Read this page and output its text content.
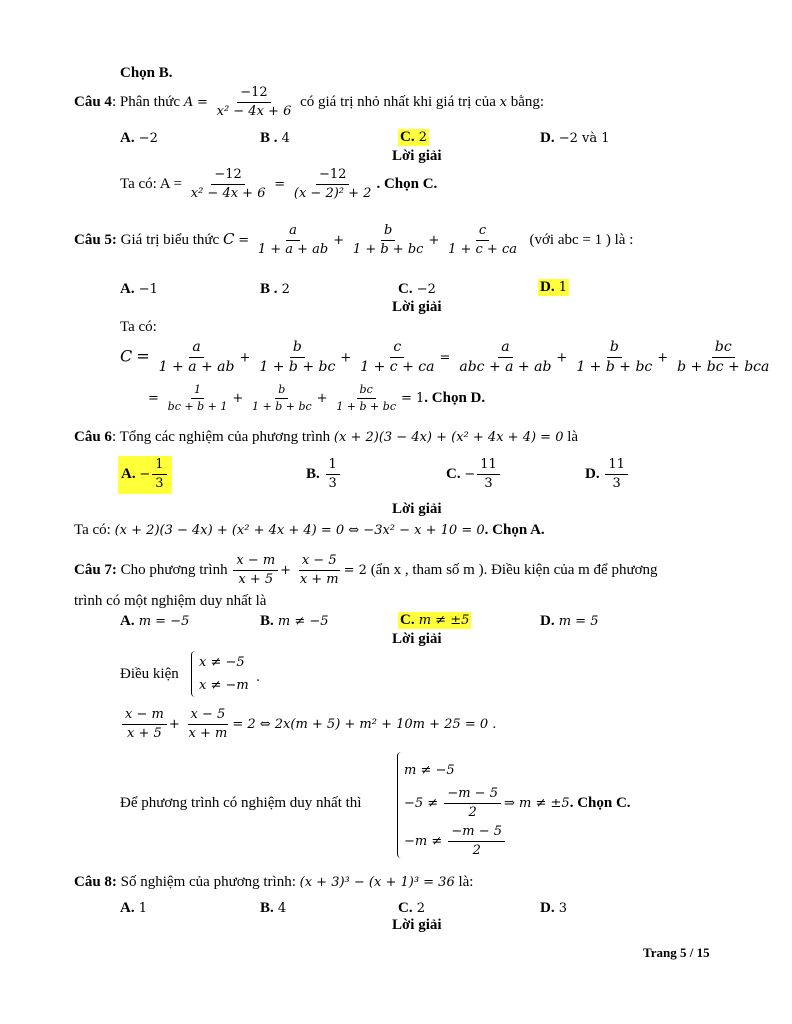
Chọn B.
Câu 4: Phân thức $A = \frac{-12}{\text{x² − 4x + 6}}$ có giá trị nhỏ nhất khi giá trị của x bằng:
A. −2	B . 4	C. 2	D. −2 và 1
Lời giải
Ta có: $A = \frac{-12}{\text{x² − 4x + 6}} = \frac{-12}{\text{(x − 2)² + 2}}$ . Chọn C.
Câu 5: Giá trị biểu thức $C = \frac{a}{1 + a + ab} + \frac{b}{1 + b + bc} + \frac{c}{1 + c + ca}$ (với abc = 1 ) là :
A. −1	B . 2	C. −2	D. 1
Lời giải
Ta có:
$C = \frac{a}{1 + a + ab} + \frac{b}{1 + b + bc} + \frac{c}{1 + c + ca} = \frac{a}{\text{abc + a + ab}} + \frac{b}{1 + b + bc} + \frac{bc}{\text{b + bc + bca}}$
= $\frac{1}{bc + b + 1} + \frac{b}{1 + b + bc} + \frac{bc}{1 + b + bc} = 1$. Chọn D.
Câu 6: Tổng các nghiệm của phương trình (x + 2)(3 − 4x) + (x² + 4x + 4) = 0 là
A. − $\frac{1}{3}$	B. $\frac{1}{3}$	C. − $\frac{11}{3}$	D. $\frac{11}{3}$
Lời giải
Ta có: (x + 2)(3 − 4x) + (x² + 4x + 4) = 0 ⇔ −3x² − x + 10 = 0. Chọn A.
Câu 7: Cho phương trình $\frac{x - m}{x + 5} + \frac{x - 5}{x + m} = 2$ (ẩn x , tham số m ). Điều kiện của m để phương
trình có một nghiệm duy nhất là
A. m = −5	B. m ≠ −5	C. m ≠ ±5	D. m = 5
Lời giải
Điều kiện
x ≠ −5
x ≠ −m
.
$\frac{x - m}{x + 5} + \frac{x - 5}{x + m} = 2$ ⇔ 2x(m + 5) + m² + 10m + 25 = 0 .
Để phương trình có nghiệm duy nhất thì
m ≠ −5
$-5 \ne \frac{-m - 5}{2}$
$-m \ne \frac{-m - 5}{2}$
⇒ m ≠ ±5. Chọn C.
Câu 8: Số nghiệm của phương trình: (x + 3)³ − (x + 1)³ = 36 là:
A. 1	B. 4	C. 2	D. 3
Lời giải
Trang 5 / 15
